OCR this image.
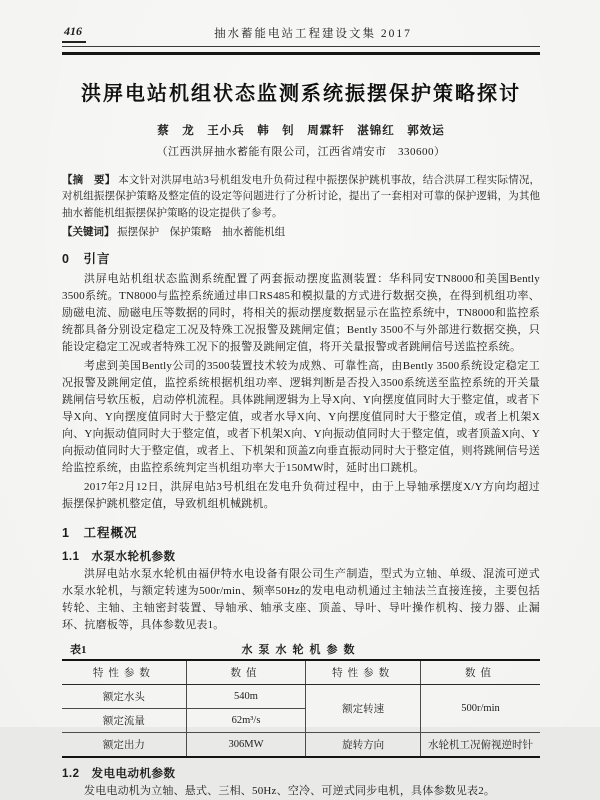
416	抽水蓄能电站工程建设文集 2017
洪屏电站机组状态监测系统振摆保护策略探讨
蔡　龙　王小兵　韩　钊　周霖轩　湛锦红　郭效运
（江西洪屏抽水蓄能有限公司，江西省靖安市　330600）
【摘　要】 本文针对洪屏电站3号机组发电升负荷过程中振摆保护跳机事故，结合洪屏工程实际情况，对机组振摆保护策略及整定值的设定等问题进行了分析讨论，提出了一套相对可靠的保护逻辑，为其他抽水蓄能机组振摆保护策略的设定提供了参考。
【关键词】 振摆保护　保护策略　抽水蓄能机组
0　引言

洪屏电站机组状态监测系统配置了两套振动摆度监测装置：华科同安TN8000和美国Bently 3500系统。TN8000与监控系统通过串口RS485和模拟量的方式进行数据交换，在得到机组功率、励磁电流、励磁电压等数据的同时，将相关的振动摆度数据显示在监控系统中，TN8000和监控系统都具备分别设定稳定工况及特殊工况报警及跳闸定值；Bently 3500不与外部进行数据交换，只能设定稳定工况或者特殊工况下的报警及跳闸定值，将开关量报警或者跳闸信号送监控系统。

考虑到美国Bently公司的3500装置技术较为成熟、可靠性高，由Bently 3500系统设定稳定工况报警及跳闸定值，监控系统根据机组功率、逻辑判断是否投入3500系统送至监控系统的开关量跳闸信号软压板，启动停机流程。具体跳闸逻辑为上导X向、Y向摆度值同时大于整定值，或者下导X向、Y向摆度值同时大于整定值，或者水导X向、Y向摆度值同时大于整定值，或者上机架X向、Y向振动值同时大于整定值，或者下机架X向、Y向振动值同时大于整定值，或者顶盖X向、Y向振动值同时大于整定值，或者上、下机架和顶盖Z向垂直振动同时大于整定值，则将跳闸信号送给监控系统，由监控系统判定当机组功率大于150MW时，延时出口跳机。

2017年2月12日，洪屏电站3号机组在发电升负荷过程中，由于上导轴承摆度X/Y方向均超过振摆保护跳机整定值，导致机组机械跳机。

1　工程概况
1.1　水泵水轮机参数

洪屏电站水泵水轮机由福伊特水电设备有限公司生产制造，型式为立轴、单级、混流可逆式水泵水轮机，与额定转速为500r/min、频率50Hz的发电电动机通过主轴法兰直接连接，主要包括转轮、主轴、主轴密封装置、导轴承、轴承支座、顶盖、导叶、导叶操作机构、接力器、止漏环、抗磨板等，具体参数见表1。

表1	水泵水轮机参数
特性参数	数值	特性参数	数值
额定水头	540m	额定转速	500r/min
额定流量	62m³/s		
额定出力	306MW	旋转方向	水轮机工况俯视逆时针
1.2　发电电动机参数

发电电动机为立轴、悬式、三相、50Hz、空冷、可逆式同步电机，具体参数见表2。
